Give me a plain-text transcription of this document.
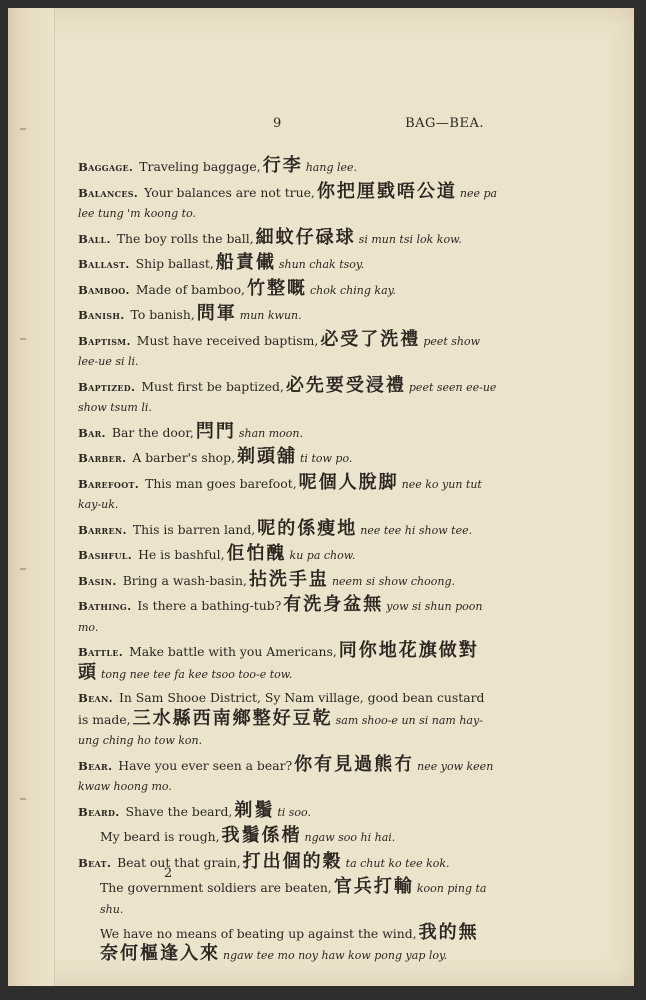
9	BAG—BEA.
Baggage. Traveling baggage, 行李 hang lee.
Balances. Your balances are not true, 你把厘戥唔公道 nee pa lee tung 'm koong to.
Ball. The boy rolls the ball, 細蚊仔碌球 si mun tsi lok kow.
Ballast. Ship ballast, 船責儎 shun chak tsoy.
Bamboo. Made of bamboo, 竹整嘅 chok ching kay.
Banish. To banish, 問軍 mun kwun.
Baptism. Must have received baptism, 必受了洗禮 peet show lee-ue si li.
Baptized. Must first be baptized, 必先要受浸禮 peet seen ee-ue show tsum li.
Bar. Bar the door, 閂門 shan moon.
Barber. A barber's shop, 剃頭舖 ti tow po.
Barefoot. This man goes barefoot, 呢個人脫脚 nee ko yun tut kay-uk.
Barren. This is barren land, 呢的係瘦地 nee tee hi show tee.
Bashful. He is bashful, 佢怕醜 ku pa chow.
Basin. Bring a wash-basin, 拈洗手盅 neem si show choong.
Bathing. Is there a bathing-tub? 有洗身盆無 yow si shun poon mo.
Battle. Make battle with you Americans, 同你地花旗做對頭 tong nee tee fa kee tsoo too-e tow.
Bean. In Sam Shooe District, Sy Nam village, good bean custard is made, 三水縣西南鄉整好豆乾 sam shoo-e un si nam hay-ung ching ho tow kon.
Bear. Have you ever seen a bear? 你有見過熊冇 nee yow keen kwaw hoong mo.
Beard. Shave the beard, 剃鬚 ti soo.
My beard is rough, 我鬚係楷 ngaw soo hi hai.
Beat. Beat out that grain, 打出個的穀 ta chut ko tee kok.
The government soldiers are beaten, 官兵打輸 koon ping ta shu.
We have no means of beating up against the wind, 我的無奈何樞逢入來 ngaw tee mo noy haw kow pong yap loy.
2
